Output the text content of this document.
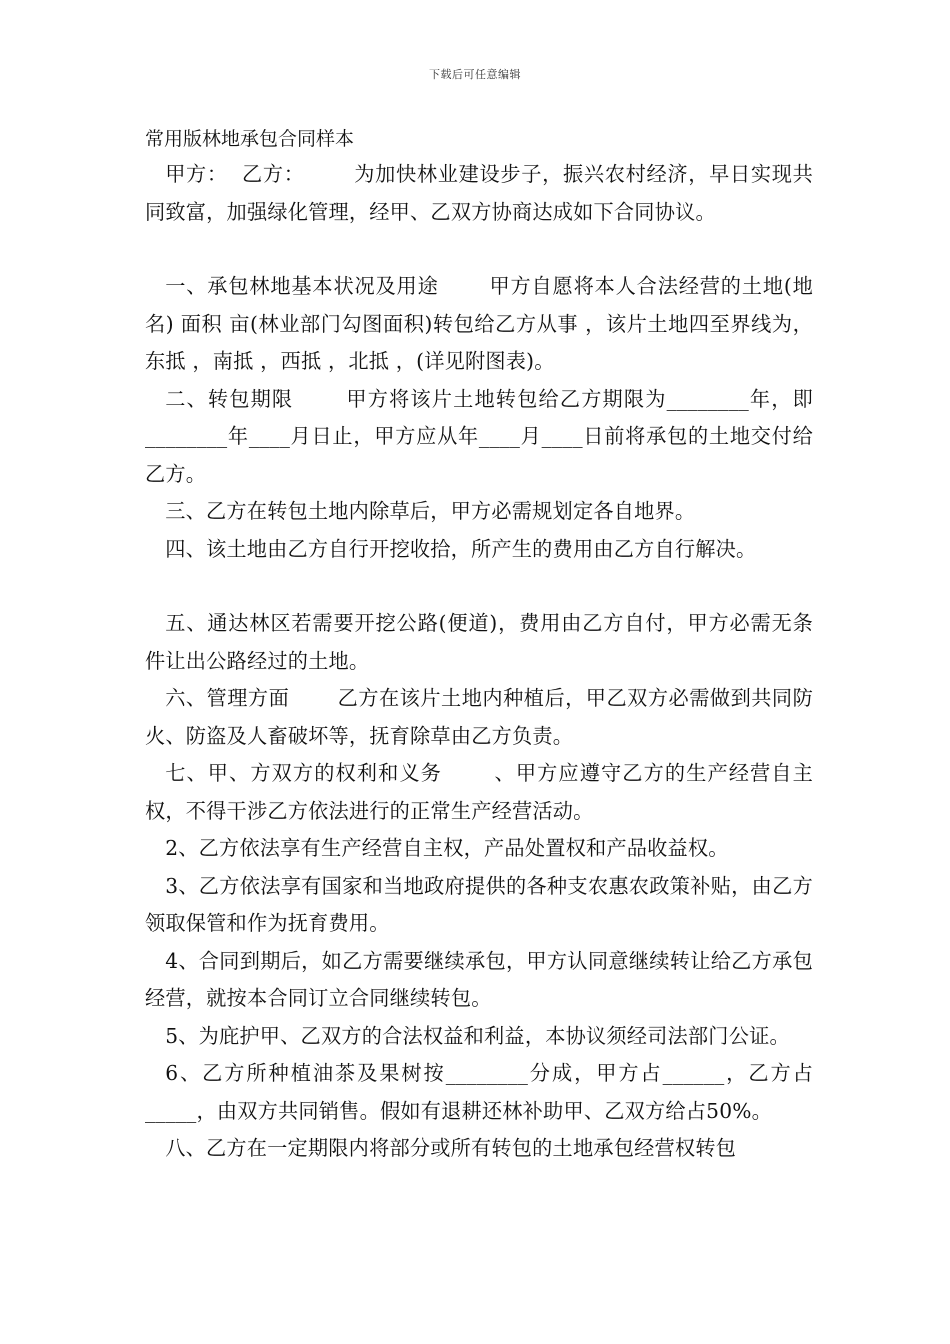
下载后可任意编辑
常用版林地承包合同样本

甲方：  乙方：       为加快林业建设步子，振兴农村经济，早日实现共同致富，加强绿化管理，经甲、乙双方协商达成如下合同协议。

一、承包林地基本状况及用途       甲方自愿将本人合法经营的土地(地名) 面积 亩(林业部门勾图面积)转包给乙方从事 ，该片土地四至界线为，东抵 ，南抵 ，西抵 ，北抵 ，(详见附图表)。

二、转包期限       甲方将该片土地转包给乙方期限为________年，即________年____月日止，甲方应从年____月____日前将承包的土地交付给乙方。

三、乙方在转包土地内除草后，甲方必需规划定各自地界。

四、该土地由乙方自行开挖收拾，所产生的费用由乙方自行解决。

五、通达林区若需要开挖公路(便道)，费用由乙方自付，甲方必需无条件让出公路经过的土地。

六、管理方面       乙方在该片土地内种植后，甲乙双方必需做到共同防火、防盗及人畜破坏等，抚育除草由乙方负责。

七、甲、方双方的权利和义务       、甲方应遵守乙方的生产经营自主权，不得干涉乙方依法进行的正常生产经营活动。

2、乙方依法享有生产经营自主权，产品处置权和产品收益权。

3、乙方依法享有国家和当地政府提供的各种支农惠农政策补贴，由乙方领取保管和作为抚育费用。

4、合同到期后，如乙方需要继续承包，甲方认同意继续转让给乙方承包经营，就按本合同订立合同继续转包。

5、为庇护甲、乙双方的合法权益和利益，本协议须经司法部门公证。

6、乙方所种植油茶及果树按________分成，甲方占______，乙方占_____，由双方共同销售。假如有退耕还林补助甲、乙双方给占50%。

八、乙方在一定期限内将部分或所有转包的土地承包经营权转包
